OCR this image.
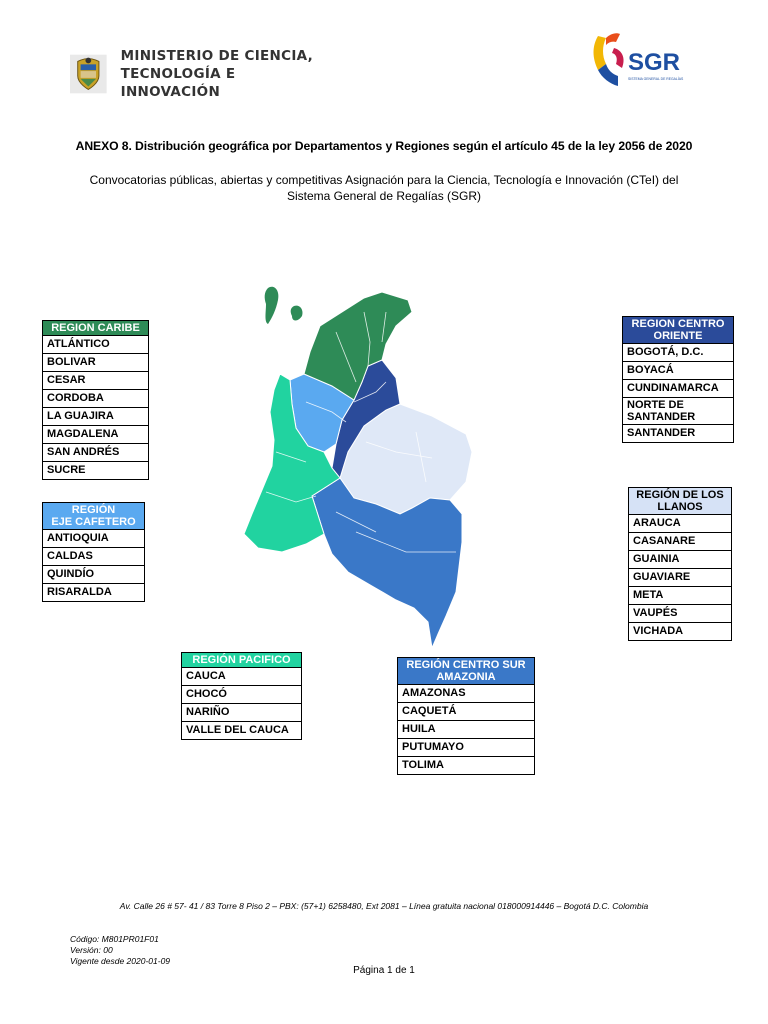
MINISTERIO DE CIENCIA,
TECNOLOGÍA E INNOVACIÓN
SGR
SISTEMA GENERAL DE REGALÍAS
ANEXO 8. Distribución geográfica por Departamentos y Regiones según el artículo 45 de la ley 2056 de 2020
Convocatorias públicas, abiertas y competitivas Asignación para la Ciencia, Tecnología e Innovación (CTeI) del Sistema General de Regalías (SGR)
REGION CARIBE
ATLÁNTICO
BOLIVAR
CESAR
CORDOBA
LA GUAJIRA
MAGDALENA
SAN ANDRÉS
SUCRE
REGIÓN
EJE CAFETERO

ANTIOQUIA
CALDAS
QUINDÍO
RISARALDA
REGIÓN PACIFICO
CAUCA
CHOCÓ
NARIÑO
VALLE DEL CAUCA
REGIÓN CENTRO SUR
AMAZONIA

AMAZONAS
CAQUETÁ
HUILA
PUTUMAYO
TOLIMA
REGION CENTRO
ORIENTE

BOGOTÁ, D.C.
BOYACÁ
CUNDINAMARCA
NORTE DE SANTANDER
SANTANDER
REGIÓN DE LOS
LLANOS

ARAUCA
CASANARE
GUAINIA
GUAVIARE
META
VAUPÉS
VICHADA
Av. Calle 26 # 57- 41 / 83 Torre 8 Piso 2 – PBX: (57+1) 6258480, Ext 2081 – Línea gratuita nacional 018000914446 – Bogotá D.C. Colombia
Código: M801PR01F01
Versión: 00
Vigente desde 2020-01-09
Página 1 de 1
